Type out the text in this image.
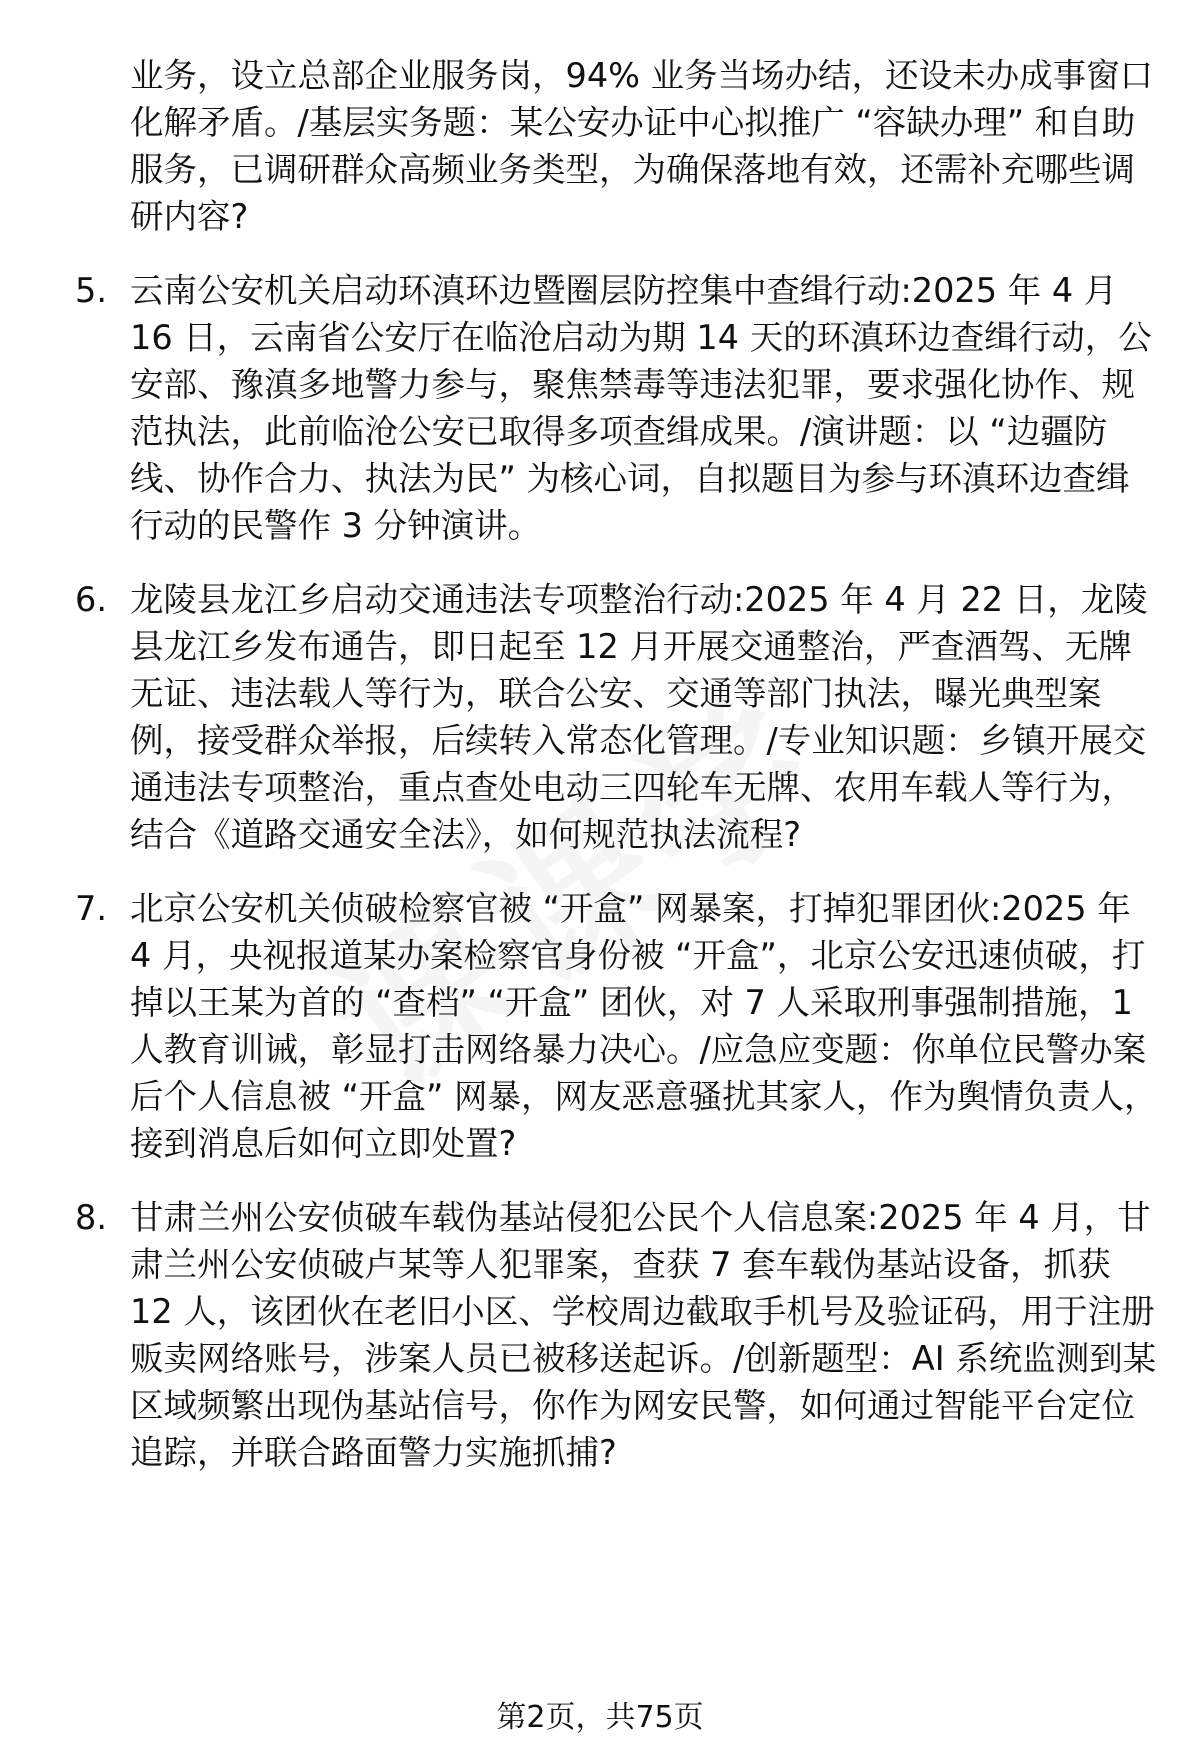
业务，设立总部企业服务岗，94% 业务当场办结，还设未办成事窗口化解矛盾。/基层实务题：某公安办证中心拟推广 “容缺办理” 和自助服务，已调研群众高频业务类型，为确保落地有效，还需补充哪些调研内容?

5. 云南公安机关启动环滇环边暨圈层防控集中查缉行动:2025 年 4 月 16 日，云南省公安厅在临沧启动为期 14 天的环滇环边查缉行动，公安部、豫滇多地警力参与，聚焦禁毒等违法犯罪，要求强化协作、规范执法，此前临沧公安已取得多项查缉成果。/演讲题：以 “边疆防线、协作合力、执法为民” 为核心词，自拟题目为参与环滇环边查缉行动的民警作 3 分钟演讲。
6. 龙陵县龙江乡启动交通违法专项整治行动:2025 年 4 月 22 日，龙陵县龙江乡发布通告，即日起至 12 月开展交通整治，严查酒驾、无牌无证、违法载人等行为，联合公安、交通等部门执法，曝光典型案例，接受群众举报，后续转入常态化管理。/专业知识题：乡镇开展交通违法专项整治，重点查处电动三四轮车无牌、农用车载人等行为，结合《道路交通安全法》，如何规范执法流程?
7. 北京公安机关侦破检察官被 “开盒” 网暴案，打掉犯罪团伙:2025 年 4 月，央视报道某办案检察官身份被 “开盒”，北京公安迅速侦破，打掉以王某为首的 “查档” “开盒” 团伙，对 7 人采取刑事强制措施，1 人教育训诫，彰显打击网络暴力决心。/应急应变题：你单位民警办案后个人信息被 “开盒” 网暴，网友恶意骚扰其家人，作为舆情负责人，接到消息后如何立即处置?
8. 甘肃兰州公安侦破车载伪基站侵犯公民个人信息案:2025 年 4 月，甘肃兰州公安侦破卢某等人犯罪案，查获 7 套车载伪基站设备，抓获 12 人，该团伙在老旧小区、学校周边截取手机号及验证码，用于注册贩卖网络账号，涉案人员已被移送起诉。/创新题型：AI 系统监测到某区域频繁出现伪基站信号，你作为网安民警，如何通过智能平台定位追踪，并联合路面警力实施抓捕?
第2页，共75页
